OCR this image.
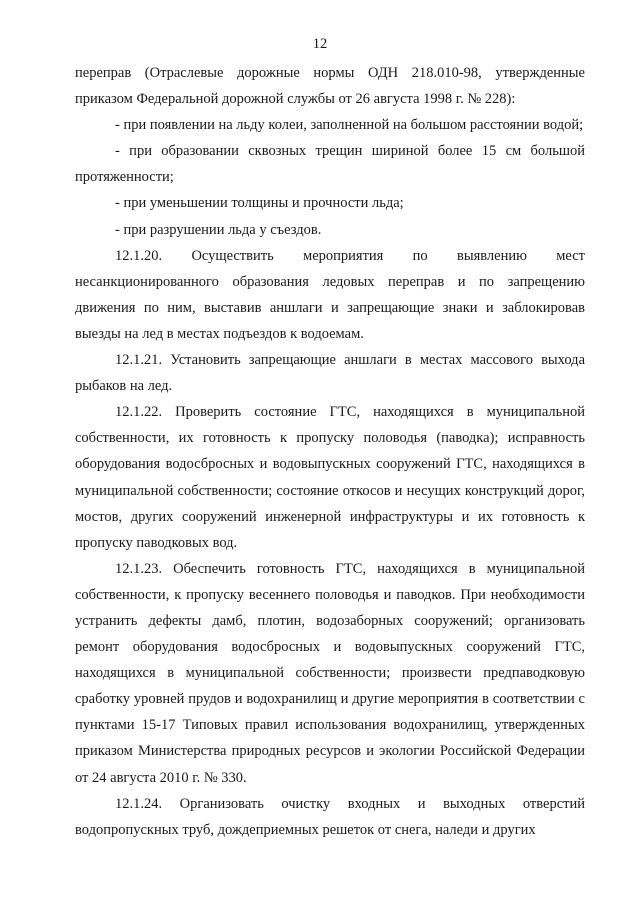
12

переправ (Отраслевые дорожные нормы ОДН 218.010-98, утвержденные приказом Федеральной дорожной службы от 26 августа 1998 г. № 228):

- при появлении на льду колеи, заполненной на большом расстоянии водой;

- при образовании сквозных трещин шириной более 15 см большой протяженности;

- при уменьшении толщины и прочности льда;

- при разрушении льда у съездов.

12.1.20. Осуществить мероприятия по выявлению мест несанкционированного образования ледовых переправ и по запрещению движения по ним, выставив аншлаги и запрещающие знаки и заблокировав выезды на лед в местах подъездов к водоемам.

12.1.21. Установить запрещающие аншлаги в местах массового выхода рыбаков на лед.

12.1.22. Проверить состояние ГТС, находящихся в муниципальной собственности, их готовность к пропуску половодья (паводка); исправность оборудования водосбросных и водовыпускных сооружений ГТС, находящихся в муниципальной собственности; состояние откосов и несущих конструкций дорог, мостов, других сооружений инженерной инфраструктуры и их готовность к пропуску паводковых вод.

12.1.23. Обеспечить готовность ГТС, находящихся в муниципальной собственности, к пропуску весеннего половодья и паводков. При необходимости устранить дефекты дамб, плотин, водозаборных сооружений; организовать ремонт оборудования водосбросных и водовыпускных сооружений ГТС, находящихся в муниципальной собственности; произвести предпаводковую сработку уровней прудов и водохранилищ и другие мероприятия в соответствии с пунктами 15-17 Типовых правил использования водохранилищ, утвержденных приказом Министерства природных ресурсов и экологии Российской Федерации от 24 августа 2010 г. № 330.

12.1.24. Организовать очистку входных и выходных отверстий водопропускных труб, дождеприемных решеток от снега, наледи и других
